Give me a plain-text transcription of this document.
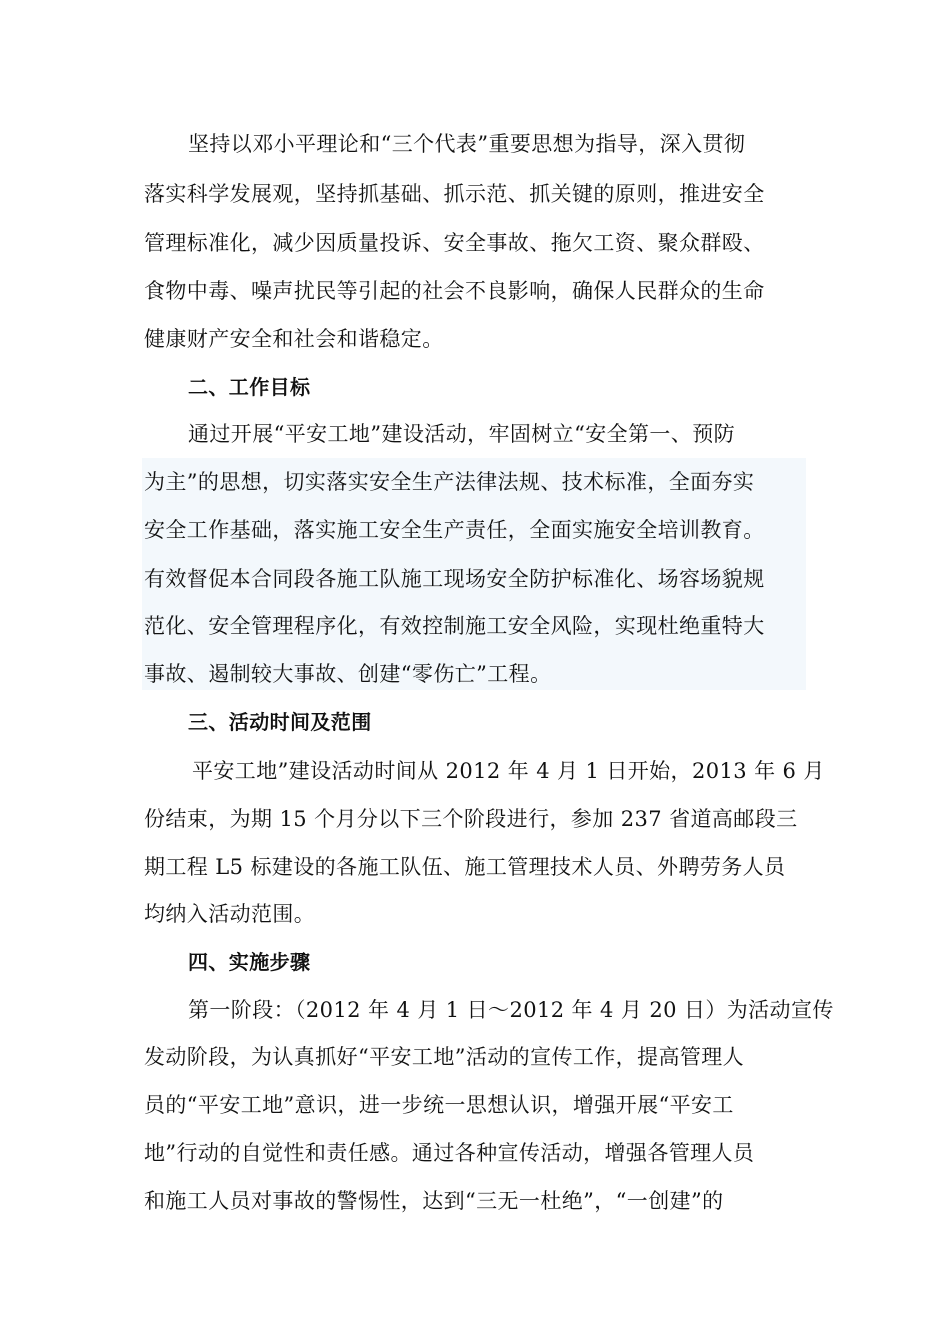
坚持以邓小平理论和“三个代表”重要思想为指导，深入贯彻
落实科学发展观，坚持抓基础、抓示范、抓关键的原则，推进安全
管理标准化，减少因质量投诉、安全事故、拖欠工资、聚众群殴、
食物中毒、噪声扰民等引起的社会不良影响，确保人民群众的生命
健康财产安全和社会和谐稳定。
二、工作目标
通过开展“平安工地”建设活动，牢固树立“安全第一、预防
为主”的思想，切实落实安全生产法律法规、技术标准，全面夯实
安全工作基础，落实施工安全生产责任，全面实施安全培训教育。
有效督促本合同段各施工队施工现场安全防护标准化、场容场貌规
范化、安全管理程序化，有效控制施工安全风险，实现杜绝重特大
事故、遏制较大事故、创建“零伤亡”工程。
三、活动时间及范围
平安工地”建设活动时间从 2012 年 4 月 1 日开始，2013 年 6 月
份结束，为期 15 个月分以下三个阶段进行，参加 237 省道高邮段三
期工程 L5 标建设的各施工队伍、施工管理技术人员、外聘劳务人员
均纳入活动范围。
四、实施步骤
第一阶段：（2012 年 4 月 1 日～2012 年 4 月 20 日）为活动宣传
发动阶段，为认真抓好“平安工地”活动的宣传工作，提高管理人
员的“平安工地”意识，进一步统一思想认识，增强开展“平安工
地”行动的自觉性和责任感。通过各种宣传活动，增强各管理人员
和施工人员对事故的警惕性，达到“三无一杜绝”，“一创建”的
